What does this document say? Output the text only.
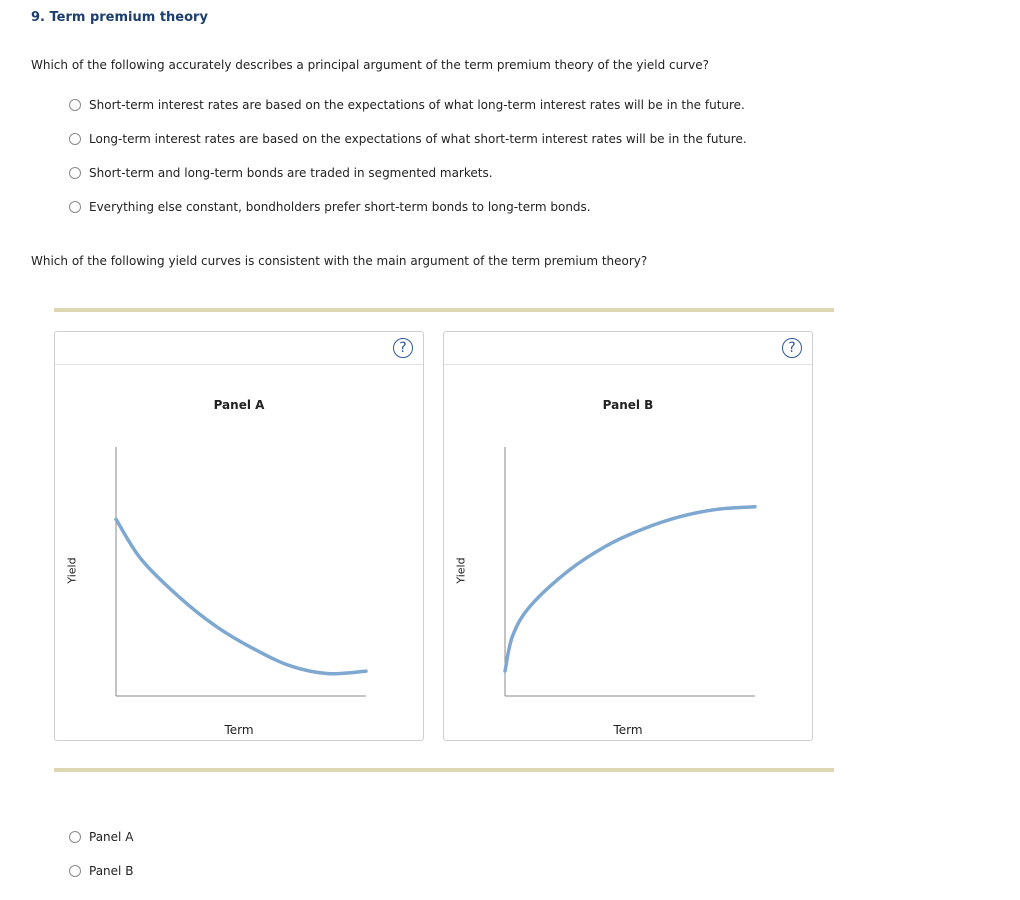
9. Term premium theory
Which of the following accurately describes a principal argument of the term premium theory of the yield curve?
Short-term interest rates are based on the expectations of what long-term interest rates will be in the future.
Long-term interest rates are based on the expectations of what short-term interest rates will be in the future.
Short-term and long-term bonds are traded in segmented markets.
Everything else constant, bondholders prefer short-term bonds to long-term bonds.
Which of the following yield curves is consistent with the main argument of the term premium theory?
?
Panel A
Yield
Term
?
Panel B
Yield
Term
Panel A
Panel B
